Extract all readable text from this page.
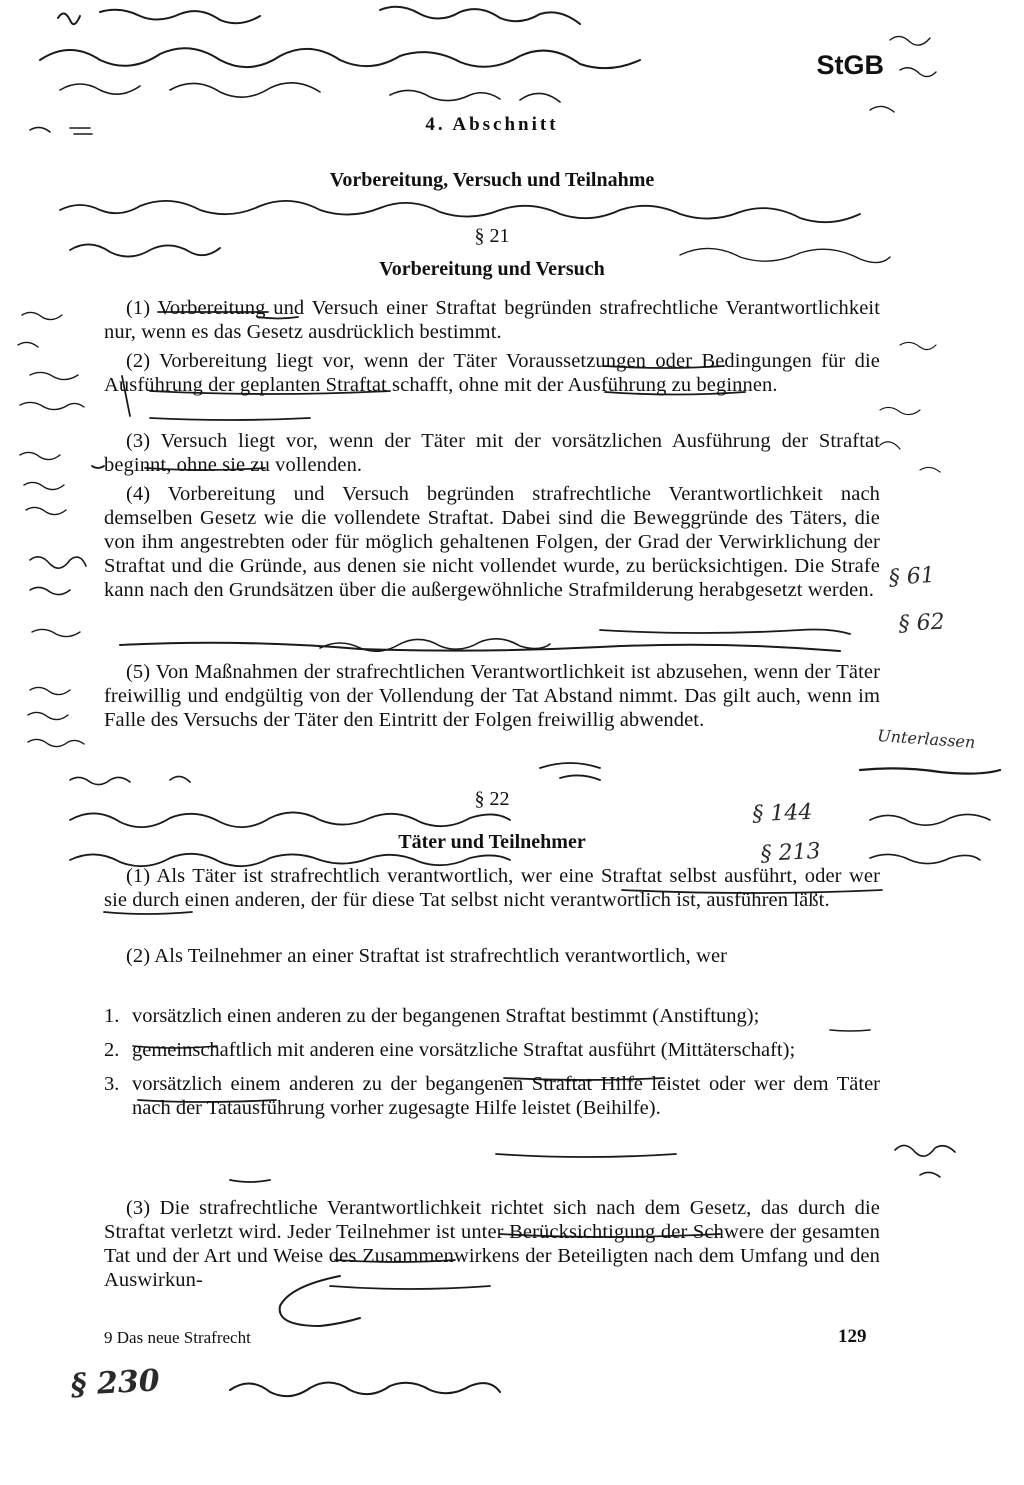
§ 61
§ 62
Unterlassen
§ 144
§ 213
§ 230
StGB
4. Abschnitt
Vorbereitung, Versuch und Teilnahme
§ 21
Vorbereitung und Versuch
(1) Vorbereitung und Versuch einer Straftat begründen strafrechtliche Verantwortlichkeit nur, wenn es das Gesetz ausdrücklich bestimmt.
(2) Vorbereitung liegt vor, wenn der Täter Voraussetzungen oder Bedingungen für die Ausführung der geplanten Straftat schafft, ohne mit der Ausführung zu beginnen.
(3) Versuch liegt vor, wenn der Täter mit der vorsätzlichen Ausführung der Straftat beginnt, ohne sie zu vollenden.
(4) Vorbereitung und Versuch begründen strafrechtliche Verantwortlichkeit nach demselben Gesetz wie die vollendete Straftat. Dabei sind die Beweggründe des Täters, die von ihm angestrebten oder für möglich gehaltenen Folgen, der Grad der Verwirklichung der Straftat und die Gründe, aus denen sie nicht vollendet wurde, zu berücksichtigen. Die Strafe kann nach den Grundsätzen über die außergewöhnliche Strafmilderung herabgesetzt werden.
(5) Von Maßnahmen der strafrechtlichen Verantwortlichkeit ist abzusehen, wenn der Täter freiwillig und endgültig von der Vollendung der Tat Abstand nimmt. Das gilt auch, wenn im Falle des Versuchs der Täter den Eintritt der Folgen freiwillig abwendet.
§ 22
Täter und Teilnehmer
(1) Als Täter ist strafrechtlich verantwortlich, wer eine Straftat selbst ausführt, oder wer sie durch einen anderen, der für diese Tat selbst nicht verantwortlich ist, ausführen läßt.
(2) Als Teilnehmer an einer Straftat ist strafrechtlich verantwortlich, wer
1. vorsätzlich einen anderen zu der begangenen Straftat bestimmt (Anstiftung);
2. gemeinschaftlich mit anderen eine vorsätzliche Straftat ausführt (Mittäterschaft);
3. vorsätzlich einem anderen zu der begangenen Straftat Hilfe leistet oder wer dem Täter nach der Tatausführung vorher zugesagte Hilfe leistet (Beihilfe).
(3) Die strafrechtliche Verantwortlichkeit richtet sich nach dem Gesetz, das durch die Straftat verletzt wird. Jeder Teilnehmer ist unter Berücksichtigung der Schwere der gesamten Tat und der Art und Weise des Zusammenwirkens der Beteiligten nach dem Umfang und den Auswirkun-
9 Das neue Strafrecht	129
